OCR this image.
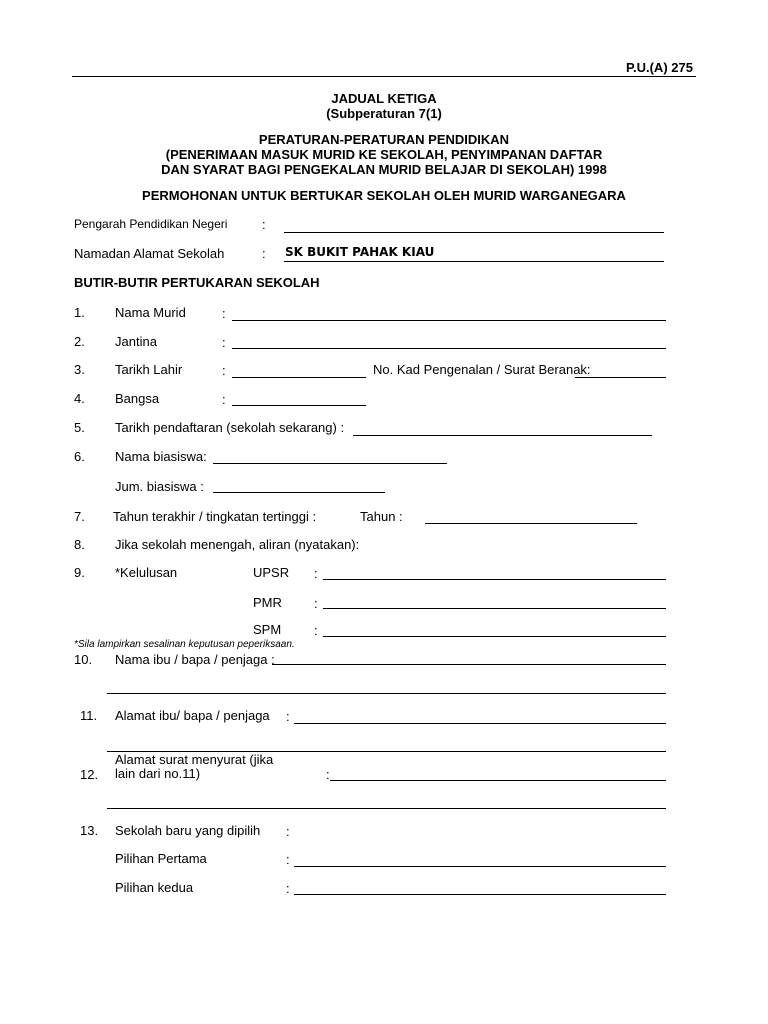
P.U.(A) 275
JADUAL KETIGA
(Subperaturan 7(1)
PERATURAN-PERATURAN PENDIDIKAN
(PENERIMAAN MASUK MURID KE SEKOLAH, PENYIMPANAN DAFTAR
DAN SYARAT BAGI PENGEKALAN MURID BELAJAR DI SEKOLAH) 1998
PERMOHONAN UNTUK BERTUKAR SEKOLAH OLEH MURID WARGANEGARA
Pengarah Pendidikan Negeri	:
Namadan Alamat Sekolah	: SK BUKIT PAHAK KIAU
BUTIR-BUTIR PERTUKARAN SEKOLAH
1. Nama Murid	:
2. Jantina	:
3. Tarikh Lahir	:	No. Kad Pengenalan / Surat Beranak:
4. Bangsa	:
5. Tarikh pendaftaran (sekolah sekarang) :
6. Nama biasiswa:
Jum. biasiswa :
7. Tahun terakhir / tingkatan tertinggi :	Tahun :
8. Jika sekolah menengah, aliran (nyatakan):
9. *Kelulusan	UPSR :
PMR :
SPM	:
*Sila lampirkan sesalinan keputusan peperiksaan.
10. Nama ibu / bapa / penjaga :
11. Alamat ibu/ bapa / penjaga :
Alamat surat menyurat (jika
12. lain dari no.11)	:
13. Sekolah baru yang dipilih :
Pilihan Pertama	:
Pilihan kedua	:
